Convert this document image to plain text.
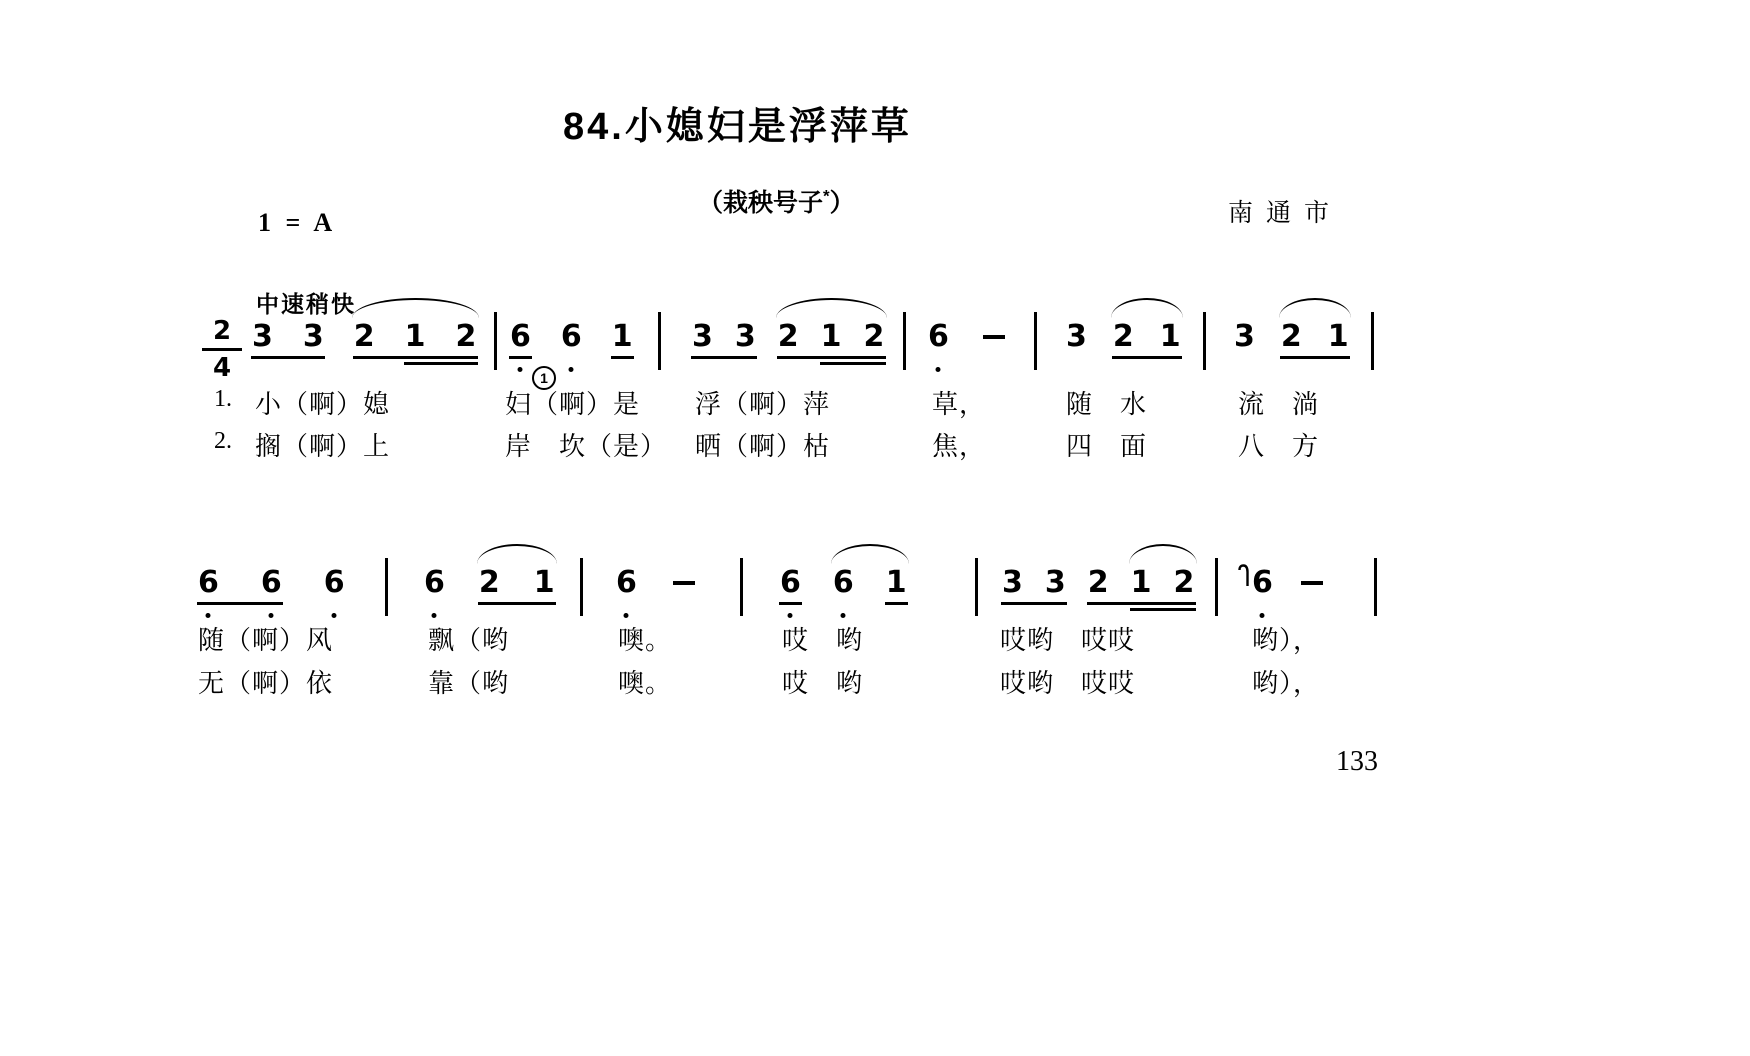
84.小媳妇是浮萍草
（栽秧号子*）
1 = A	南通市
中速稍快
2
4
3 3 2 1 2 6 6 1 3 3 2 1 2 6	3 2 1 3 2 1
6 6 6	6 2 1 6	6 6 1	3 3 2 1 2 6
1
1.
2.
小（啊）媳	妇（啊）是 浮（啊）萍	草，	随　水	流　淌
搁（啊）上	岸　坎（是） 晒（啊）枯	焦，	四　面	八　方
随（啊）风	飘（哟	噢。	哎　哟	哎哟　哎哎	哟），
无（啊）依	靠（哟	噢。	哎　哟	哎哟　哎哎	哟），
133
